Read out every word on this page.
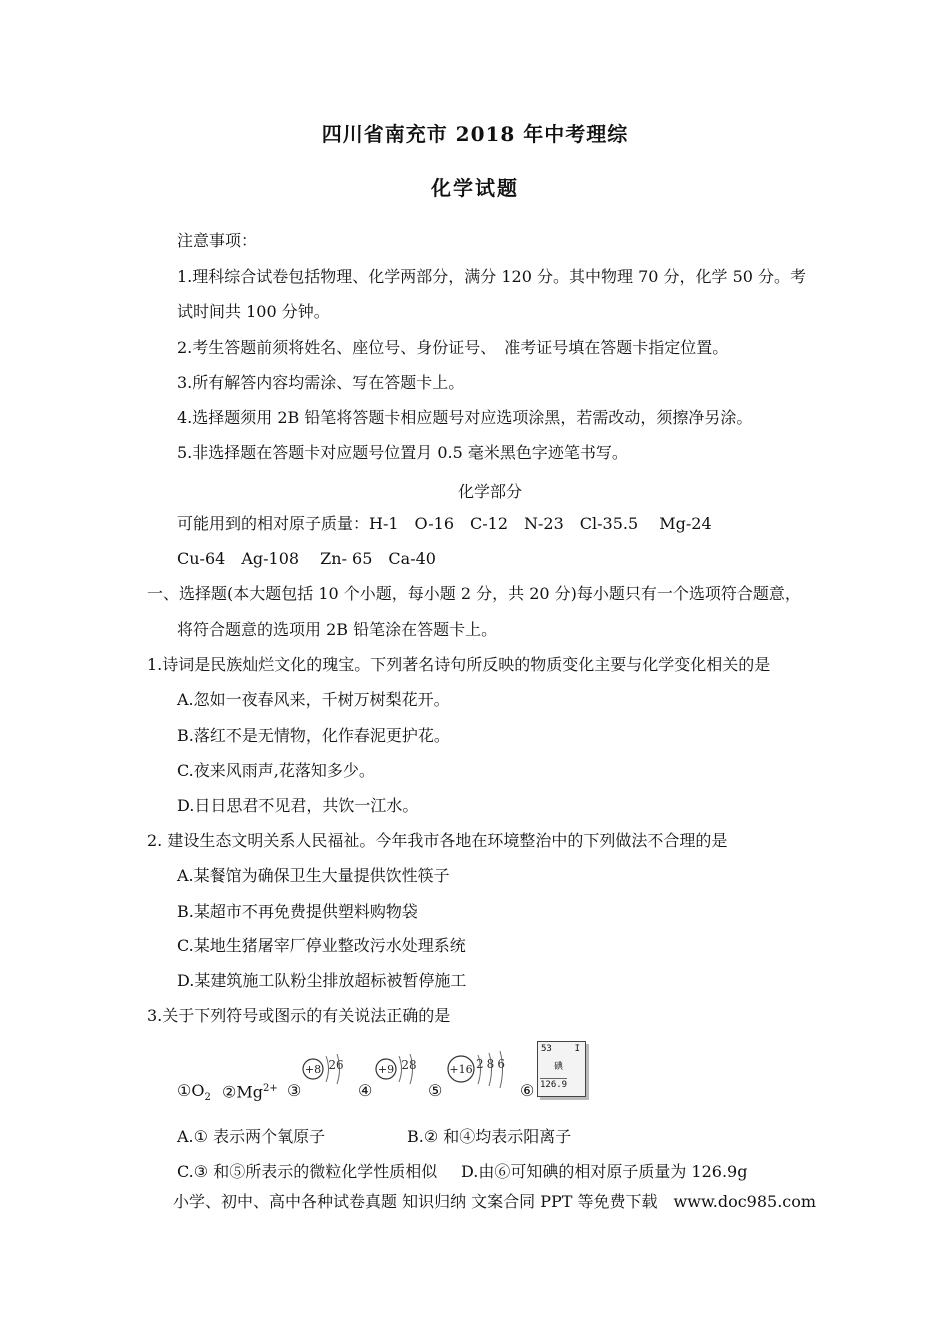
四川省南充市 2018 年中考理综
化学试题
注意事项：
1.理科综合试卷包括物理、化学两部分，满分 120 分。其中物理 70 分，化学 50 分。考
试时间共 100 分钟。
2.考生答题前须将姓名、座位号、身份证号、　准考证号填在答题卡指定位置。
3.所有解答内容均需涂、写在答题卡上。
4.选择题须用 2B 铅笔将答题卡相应题号对应选项涂黑，若需改动，须擦净另涂。
5.非选择题在答题卡对应题号位置月 0.5 毫米黑色字迹笔书写。
化学部分
可能用到的相对原子质量：H-1　O-16　C-12　N-23　Cl-35.5　 Mg-24
Cu-64　Ag-108　 Zn- 65　Ca-40
一、选择题(本大题包括 10 个小题，每小题 2 分，共 20 分)每小题只有一个选项符合题意，
将符合题意的选项用 2B 铅笔涂在答题卡上。
1.诗词是民族灿烂文化的瑰宝。下列著名诗句所反映的物质变化主要与化学变化相关的是
A.忽如一夜春风来，千树万树梨花开。
B.落红不是无情物，化作春泥更护花。
C.夜来风雨声,花落知多少。
D.日日思君不见君，共饮一江水。
2. 建设生态文明关系人民福祉。今年我市各地在环境整治中的下列做法不合理的是
A.某餐馆为确保卫生大量提供饮性筷子
B.某超市不再免费提供塑料购物袋
C.某地生猪屠宰厂停业整改污水处理系统
D.某建筑施工队粉尘排放超标被暂停施工
3.关于下列符号或图示的有关说法正确的是
$①O_2$ $②Mg^{2+}$ ③	④	⑤	⑥
+8 26	+9 28	+16 286
53	I
碘
126.9
A.① 表示两个氧原子	B.② 和④均表示阳离子
C.③ 和⑤所表示的微粒化学性质相似 D.由⑥可知碘的相对原子质量为 126.9g
小学、初中、高中各种试卷真题 知识归纳 文案合同 PPT 等免费下载　www.doc985.com
